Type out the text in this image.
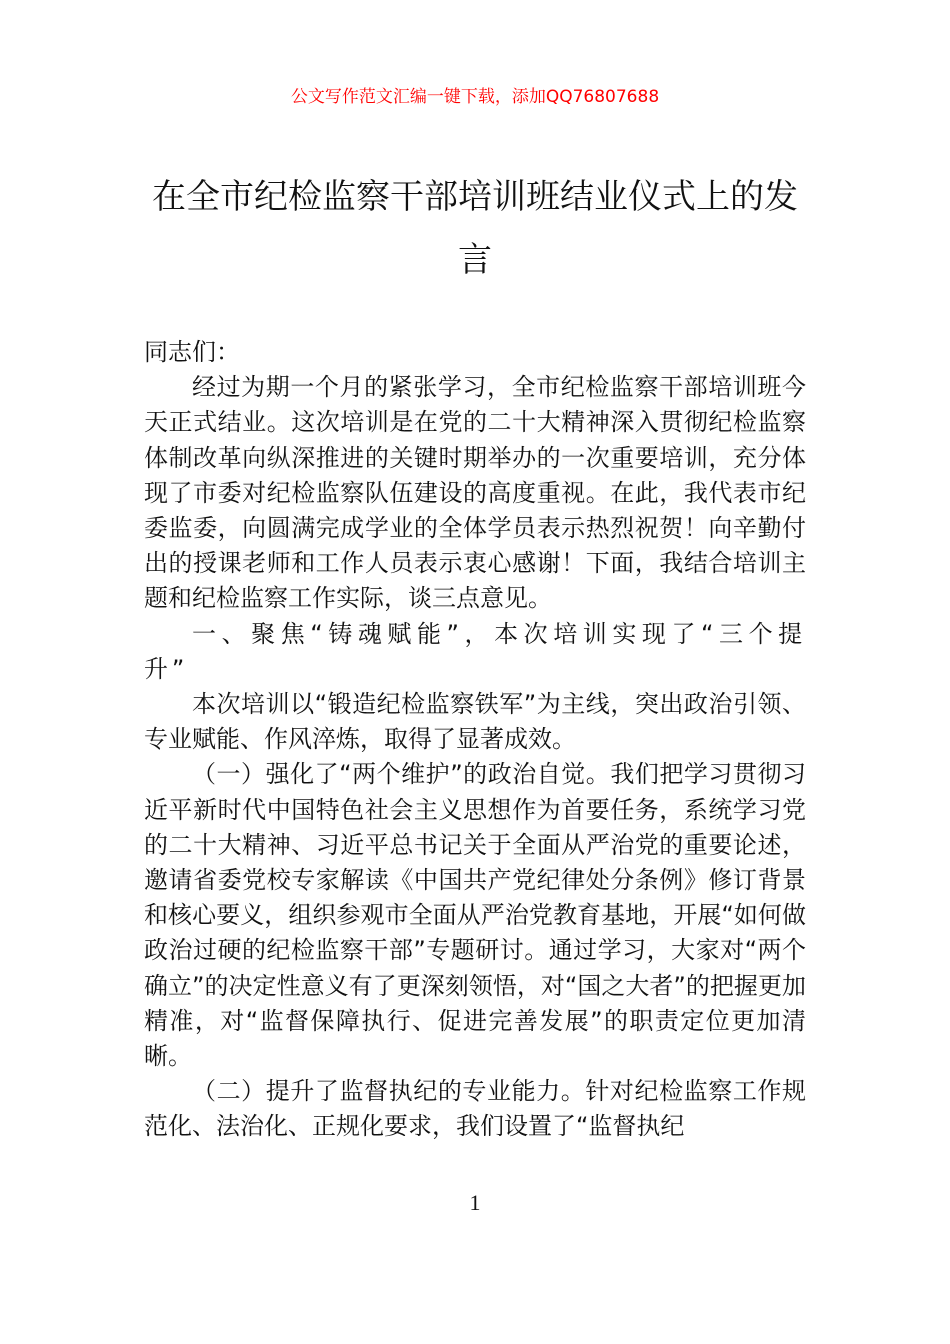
公文写作范文汇编一键下载，添加QQ76807688
在全市纪检监察干部培训班结业仪式上的发言

同志们：

经过为期一个月的紧张学习，全市纪检监察干部培训班今天正式结业。这次培训是在党的二十大精神深入贯彻纪检监察体制改革向纵深推进的关键时期举办的一次重要培训，充分体现了市委对纪检监察队伍建设的高度重视。在此，我代表市纪委监委，向圆满完成学业的全体学员表示热烈祝贺！向辛勤付出的授课老师和工作人员表示衷心感谢！下面，我结合培训主题和纪检监察工作实际，谈三点意见。

一、聚焦“铸魂赋能”，本次培训实现了“三个提升”

本次培训以“锻造纪检监察铁军”为主线，突出政治引领、专业赋能、作风淬炼，取得了显著成效。

（一）强化了“两个维护”的政治自觉。我们把学习贯彻习近平新时代中国特色社会主义思想作为首要任务，系统学习党的二十大精神、习近平总书记关于全面从严治党的重要论述，邀请省委党校专家解读《中国共产党纪律处分条例》修订背景和核心要义，组织参观市全面从严治党教育基地，开展“如何做政治过硬的纪检监察干部”专题研讨。通过学习，大家对“两个确立”的决定性意义有了更深刻领悟，对“国之大者”的把握更加精准，对“监督保障执行、促进完善发展”的职责定位更加清晰。

（二）提升了监督执纪的专业能力。针对纪检监察工作规范化、法治化、正规化要求，我们设置了“监督执纪

1
